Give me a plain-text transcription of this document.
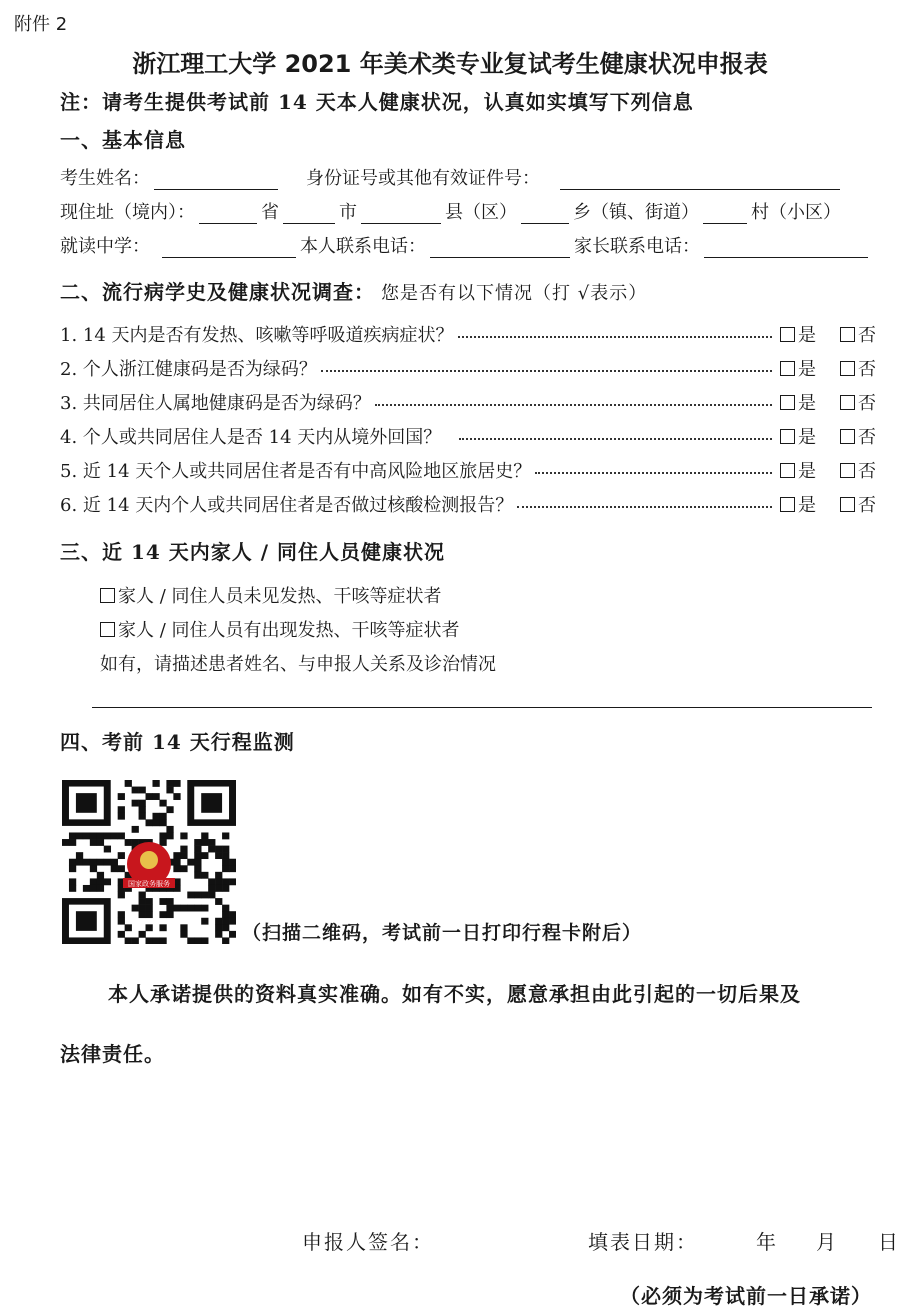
附件 2
浙江理工大学 2021 年美术类专业复试考生健康状况申报表
注：请考生提供考试前 14 天本人健康状况，认真如实填写下列信息
一、基本信息
考生姓名：	身份证号或其他有效证件号：
现住址（境内）：	省	市	县（区）	乡（镇、街道）	村（小区）
就读中学：	本人联系电话：	家长联系电话：
二、流行病学史及健康状况调查： 您是否有以下情况（打 √表示）
1. 14 天内是否有发热、咳嗽等呼吸道疾病症状？	是 否
2. 个人浙江健康码是否为绿码？	是 否
3. 共同居住人属地健康码是否为绿码？	是 否
4. 个人或共同居住人是否 14 天内从境外回国？	是 否
5. 近 14 天个人或共同居住者是否有中高风险地区旅居史？	是 否
6. 近 14 天内个人或共同居住者是否做过核酸检测报告？	是 否
三、近 14 天内家人 / 同住人员健康状况
家人 / 同住人员未见发热、干咳等症状者
家人 / 同住人员有出现发热、干咳等症状者
如有，请描述患者姓名、与申报人关系及诊治情况
四、考前 14 天行程监测
国家政务服务
（扫描二维码，考试前一日打印行程卡附后）
本人承诺提供的资料真实准确。如有不实，愿意承担由此引起的一切后果及
法律责任。
申报人签名：	填表日期：	年 月 日
（必须为考试前一日承诺）
